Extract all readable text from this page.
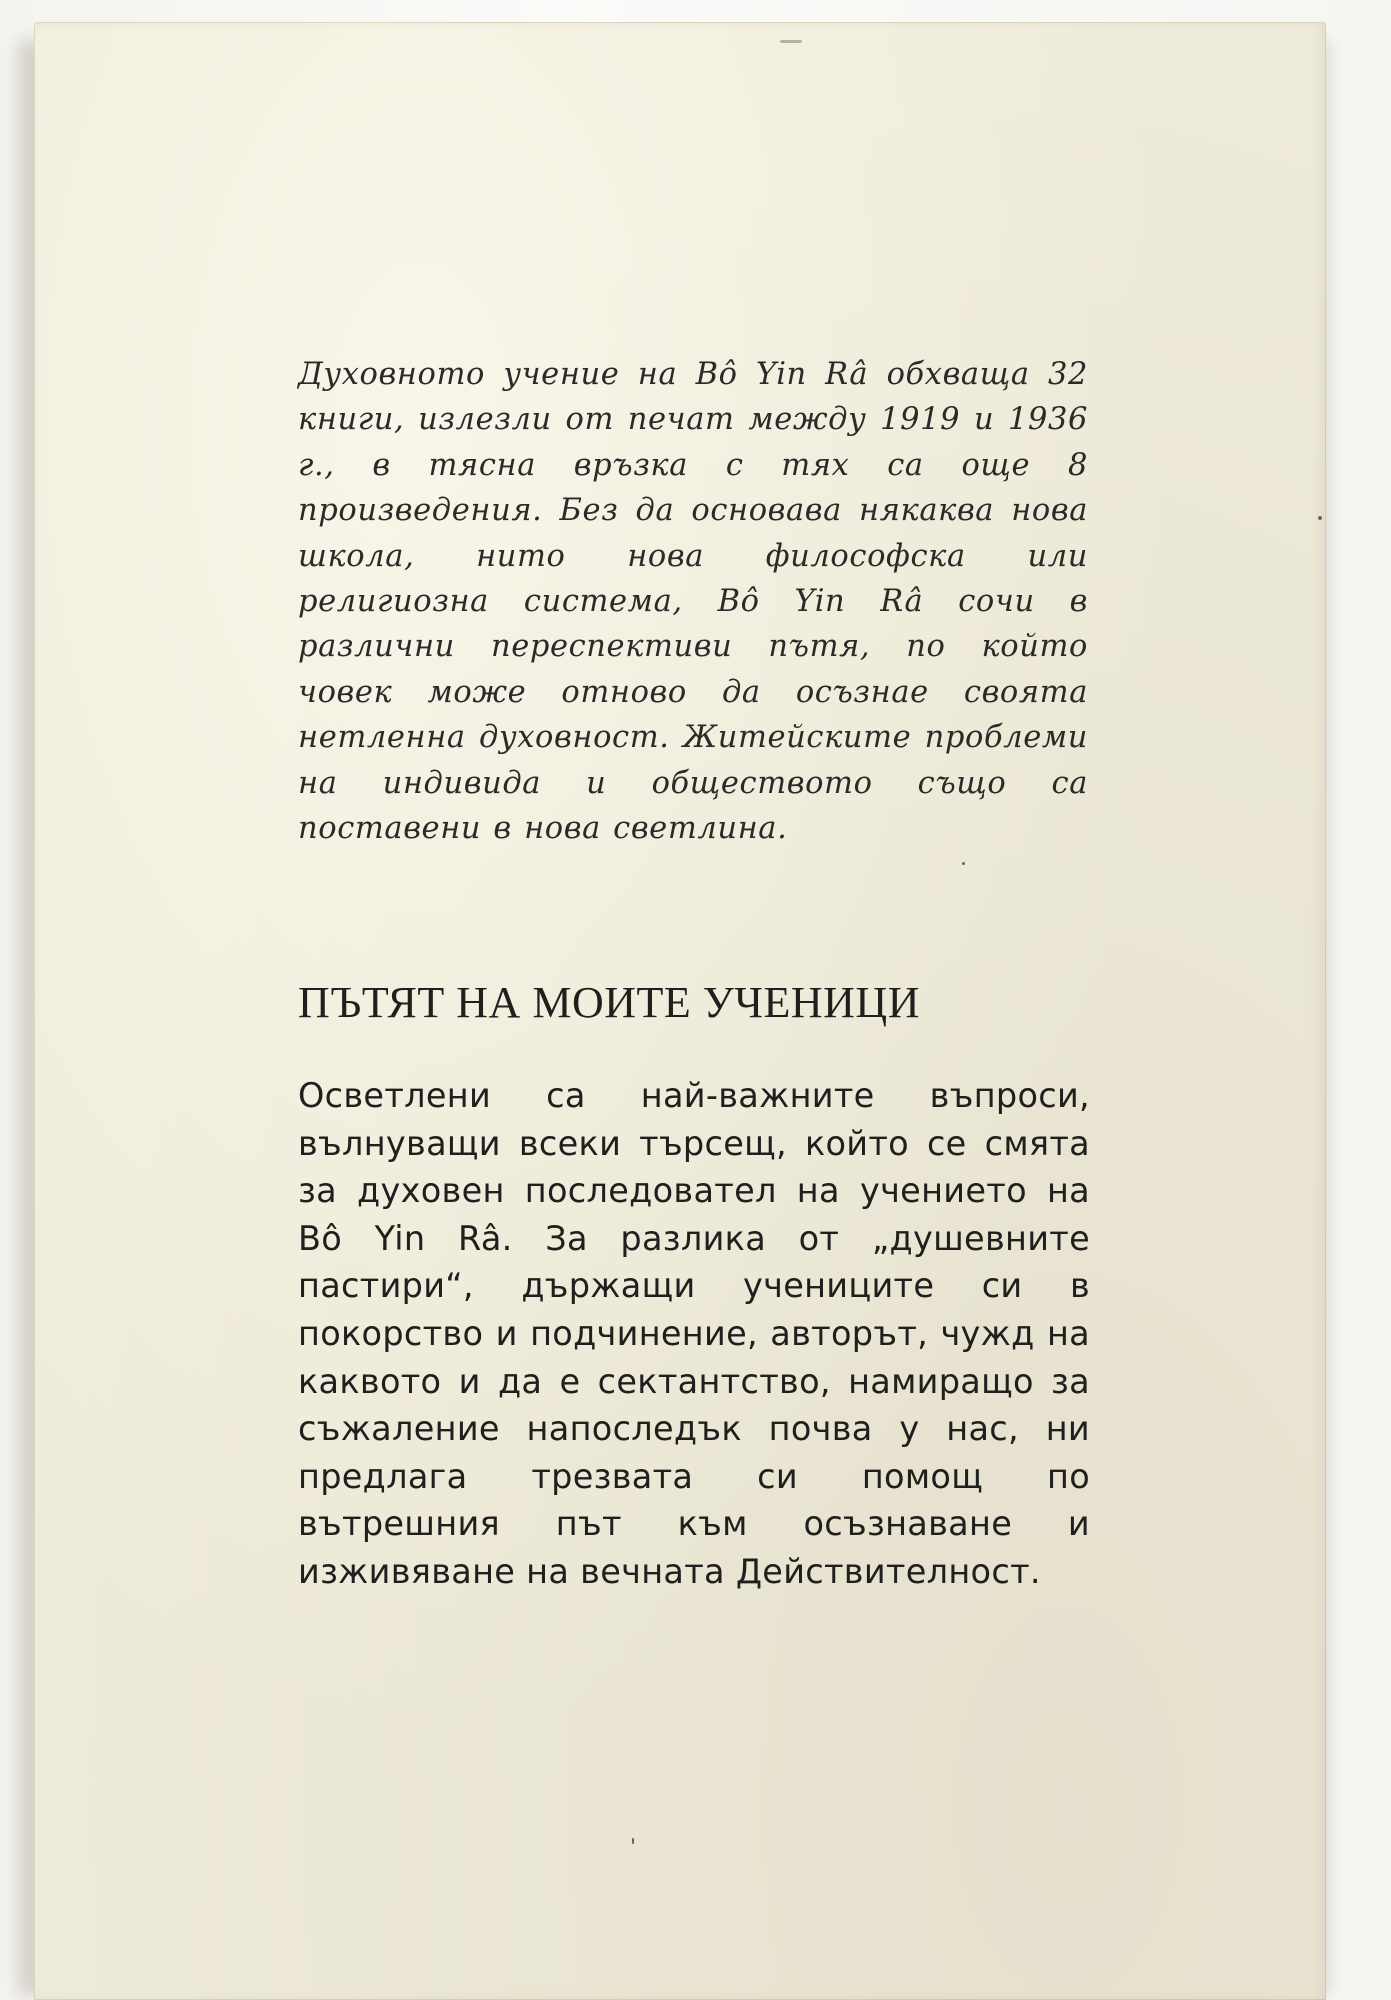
Духовното учение на Bô Yin Râ обхваща 32 книги, излезли от печат между 1919 и 1936 г., в тясна връзка с тях са още 8 произведения. Без да основава някаква нова школа, нито нова философска или религиозна система, Bô Yin Râ сочи в различни переспективи пътя, по който човек може отново да осъзнае своята нетленна духовност. Житейските проблеми на индивида и обществото също са поставени в нова светлина.

ПЪТЯТ НА МОИТЕ УЧЕНИЦИ

Осветлени са най-важните въпроси, вълнуващи всеки търсещ, който се смята за духовен последовател на учението на Bô Yin Râ. За разлика от „душевните пастири“, държащи учениците си в покорство и подчинение, авторът, чужд на каквото и да е сектантство, намиращо за съжаление напоследък почва у нас, ни предлага трезвата си помощ по вътрешния път към осъзнаване и изживяване на вечната Действителност.
